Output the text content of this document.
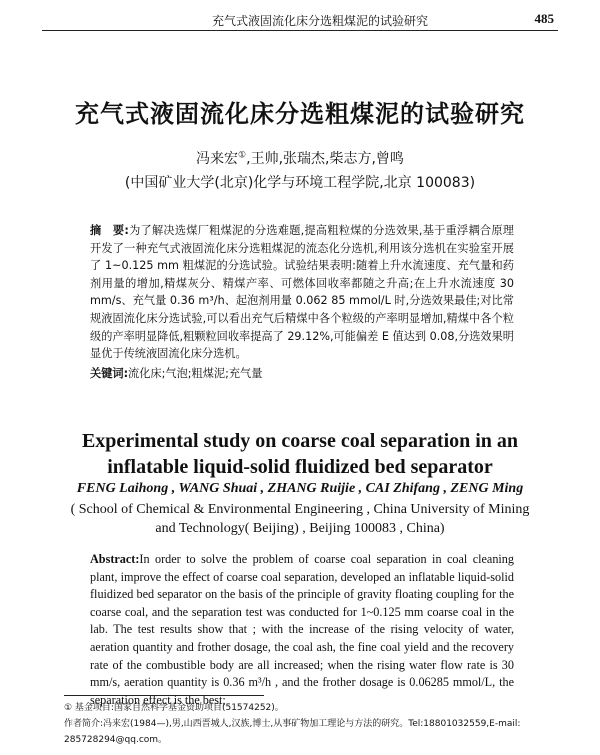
充气式液固流化床分选粗煤泥的试验研究	485
充气式液固流化床分选粗煤泥的试验研究
冯来宏①,王帅,张瑞杰,柴志方,曾鸣
(中国矿业大学(北京)化学与环境工程学院,北京 100083)
摘　要:为了解决选煤厂粗煤泥的分选难题,提高粗粒煤的分选效果,基于重浮耦合原理开发了一种充气式液固流化床分选粗煤泥的流态化分选机,利用该分选机在实验室开展了 1~0.125 mm 粗煤泥的分选试验。试验结果表明:随着上升水流速度、充气量和药剂用量的增加,精煤灰分、精煤产率、可燃体回收率都随之升高;在上升水流速度 30 mm/s、充气量 0.36 m³/h、起泡剂用量 0.062 85 mmol/L 时,分选效果最佳;对比常规液固流化床分选试验,可以看出充气后精煤中各个粒级的产率明显增加,精煤中各个粒级的产率明显降低,粗颗粒回收率提高了 29.12%,可能偏差 E 值达到 0.08,分选效果明显优于传统液固流化床分选机。
关键词:流化床;气泡;粗煤泥;充气量
Experimental study on coarse coal separation in an inflatable liquid-solid fluidized bed separator
FENG Laihong , WANG Shuai , ZHANG Ruijie , CAI Zhifang , ZENG Ming
( School of Chemical & Environmental Engineering , China University of Mining and Technology( Beijing) , Beijing 100083 , China)
Abstract:In order to solve the problem of coarse coal separation in coal cleaning plant, improve the effect of coarse coal separation, developed an inflatable liquid-solid fluidized bed separator on the basis of the principle of gravity floating coupling for the coarse coal, and the separation test was conducted for 1~0.125 mm coarse coal in the lab. The test results show that ; with the increase of the rising velocity of water, aeration quantity and frother dosage, the coal ash, the fine coal yield and the recovery rate of the combustible body are all increased; when the rising water flow rate is 30 mm/s, aeration quantity is 0.36 m³/h , and the frother dosage is 0.06285 mmol/L, the separation effect is the best;
① 基金项目:国家自然科学基金资助项目(51574252)。
作者简介:冯来宏(1984—),男,山西晋城人,汉族,博士,从事矿物加工理论与方法的研究。Tel:18801032559,E-mail:
285728294@qq.com。
